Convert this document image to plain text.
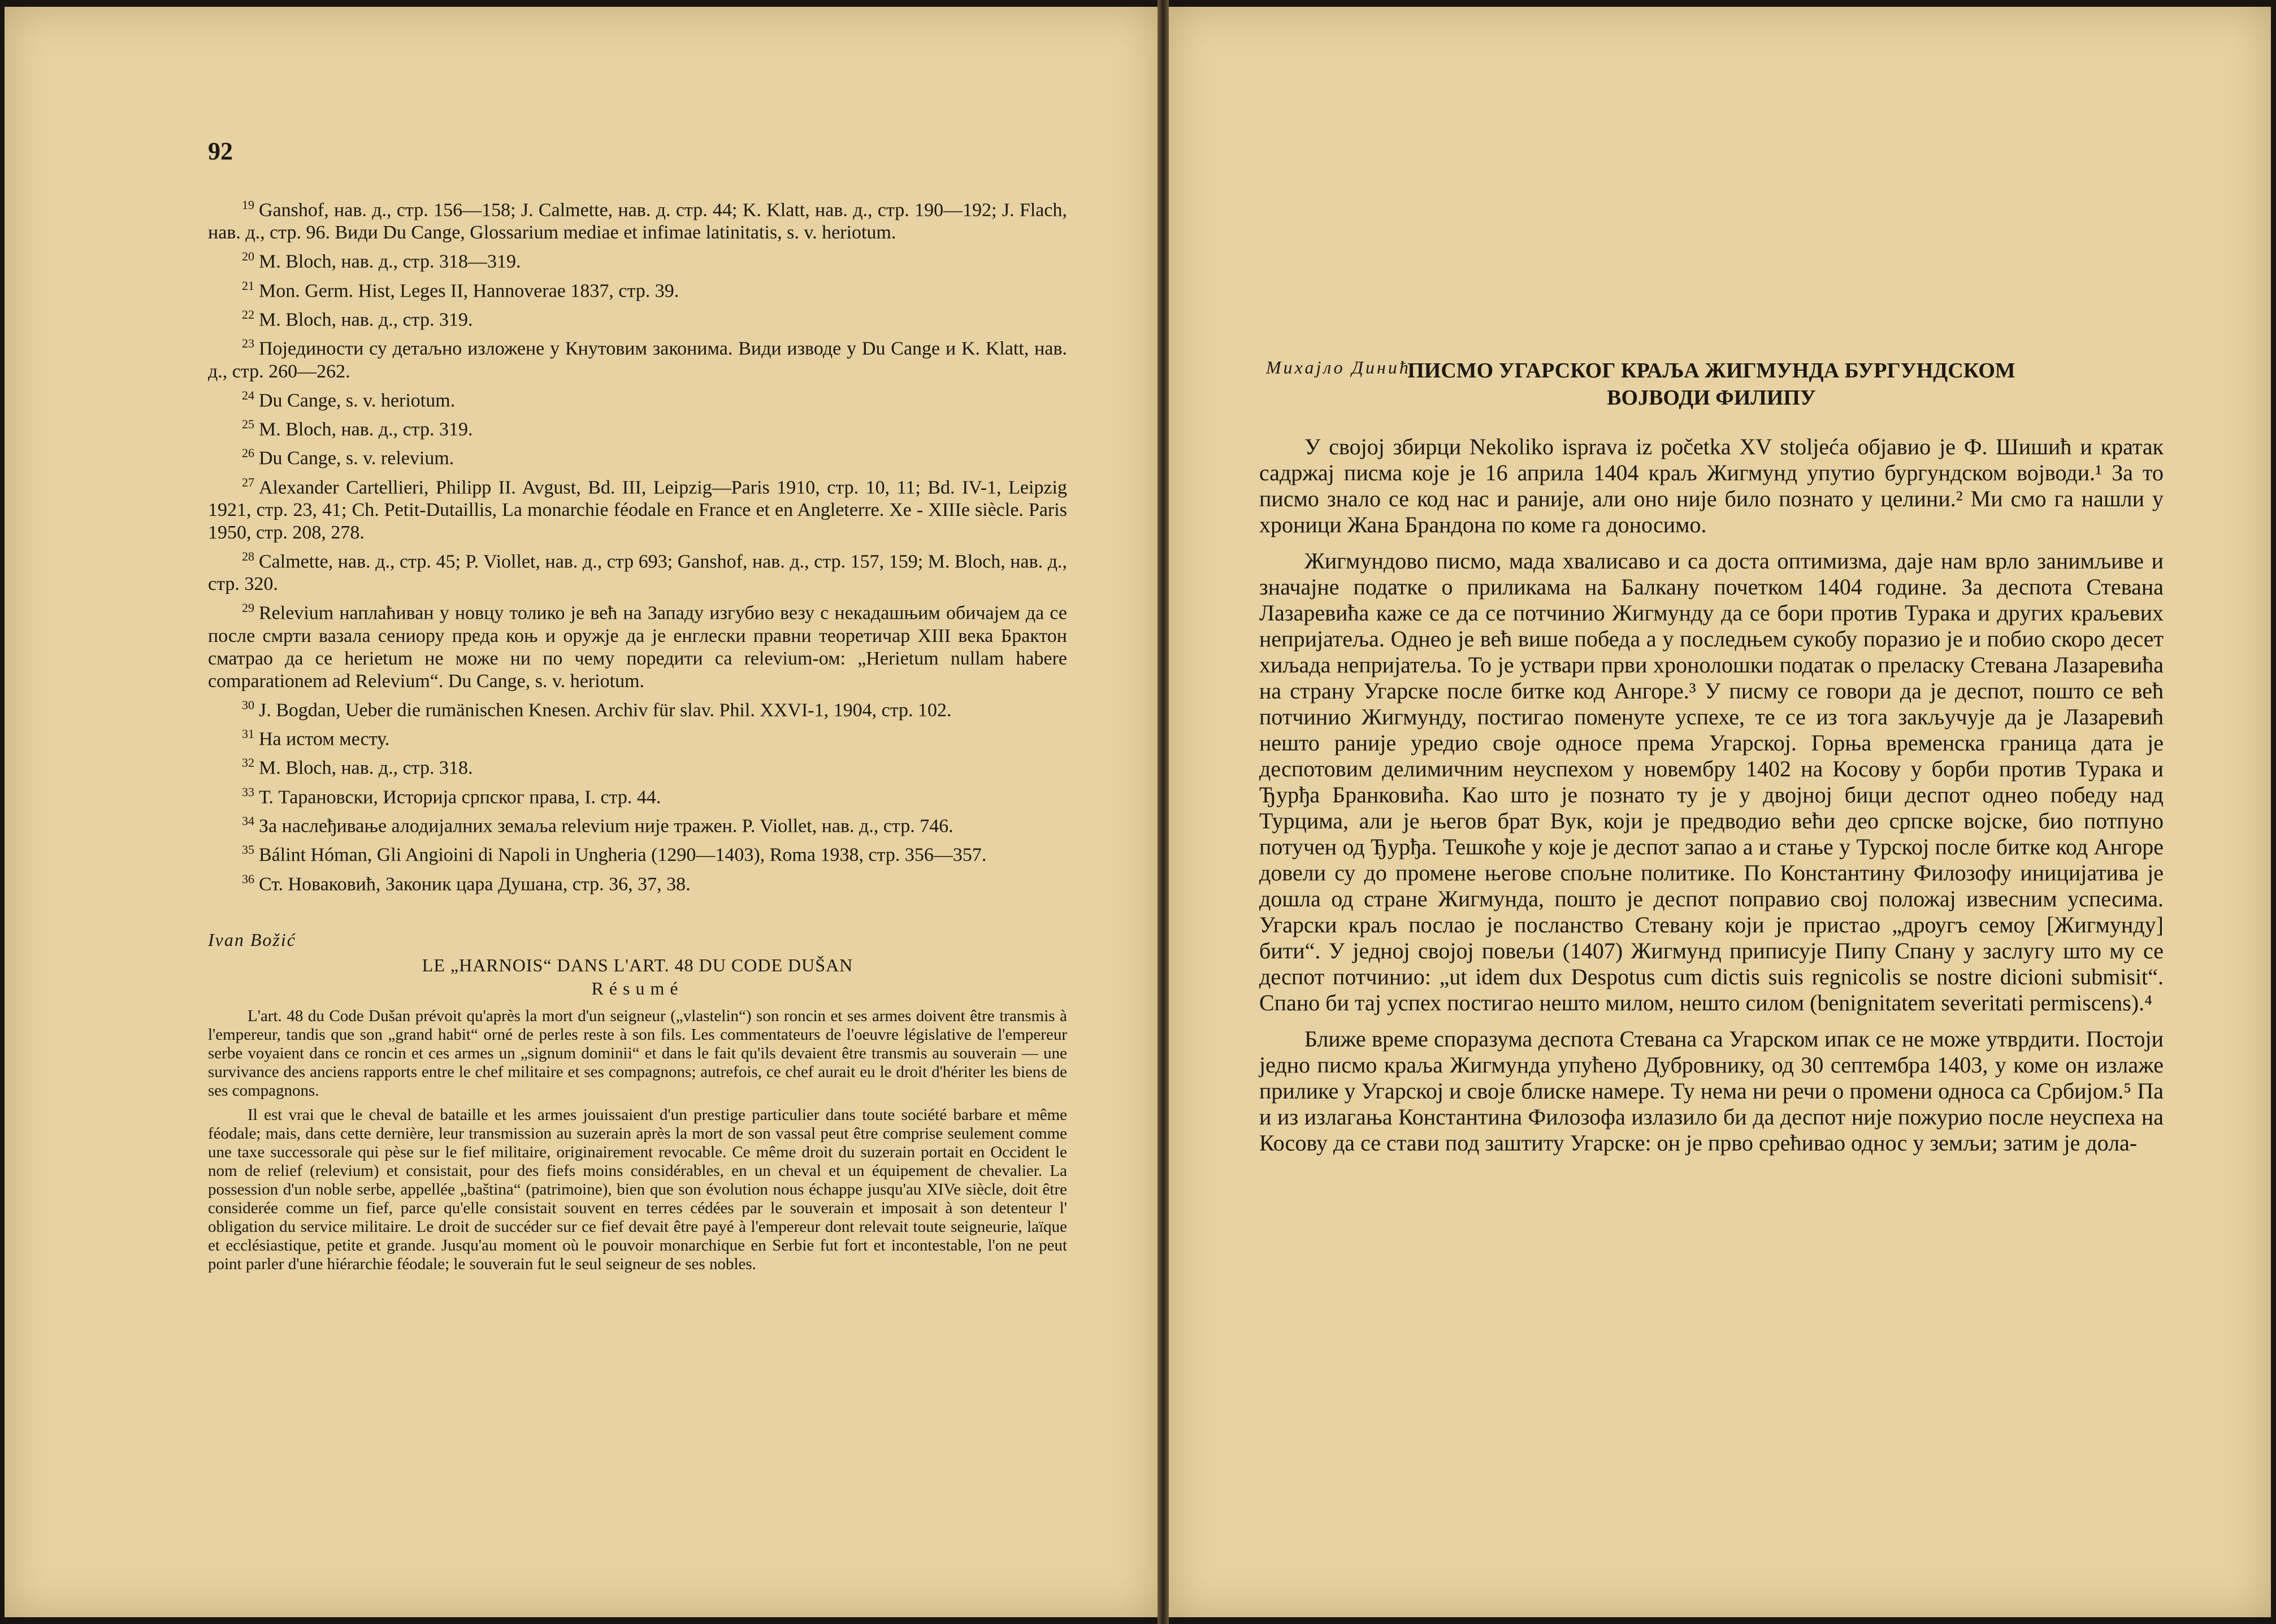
92

$^{19}$ Ganshof, нав. д., стр. 156—158; J. Calmette, нав. д. стр. 44; K. Klatt, нав. д., стр. 190—192; J. Flach, нав. д., стр. 96. Види Du Cange, Glossarium mediae et infimae latinitatis, s. v. heriotum.

$^{20}$ M. Bloch, нав. д., стр. 318—319.

$^{21}$ Mon. Germ. Hist, Leges II, Hannoverae 1837, стр. 39.

$^{22}$ M. Bloch, нав. д., стр. 319.

$^{23}$ Појединости су детаљно изложене у Кнутовим законима. Види изводе у Du Cange и K. Klatt, нав. д., стр. 260—262.

$^{24}$ Du Cange, s. v. heriotum.

$^{25}$ M. Bloch, нав. д., стр. 319.

$^{26}$ Du Cange, s. v. relevium.

$^{27}$ Alexander Cartellieri, Philipp II. Avgust, Bd. III, Leipzig—Paris 1910, стр. 10, 11; Bd. IV-1, Leipzig 1921, стр. 23, 41; Ch. Petit-Dutaillis, La monarchie féodale en France et en Angleterre. Xe - XIIIe siècle. Paris 1950, стр. 208, 278.

$^{28}$ Calmette, нав. д., стр. 45; P. Viollet, нав. д., стр 693; Ganshof, нав. д., стр. 157, 159; M. Bloch, нав. д., стр. 320.

$^{29}$ Relevium наплаћиван у новцу толико је већ на Западу изгубио везу с некадашњим обичајем да се после смрти вазала сениору преда коњ и оружје да је енглески правни теоретичар XIII века Брактон сматрао да се herietum не може ни по чему поредити са relevium-ом: „Herietum nullam habere comparationem ad Relevium“. Du Cange, s. v. heriotum.

$^{30}$ J. Bogdan, Ueber die rumänischen Knesen. Archiv für slav. Phil. XXVI-1, 1904, стр. 102.

$^{31}$ На истом месту.

$^{32}$ M. Bloch, нав. д., стр. 318.

$^{33}$ Т. Тарановски, Историја српског права, I. стр. 44.

$^{34}$ За наслеђивање алодијалних земаља relevium није тражен. P. Viollet, нав. д., стр. 746.

$^{35}$ Bálint Hóman, Gli Angioini di Napoli in Ungheria (1290—1403), Roma 1938, стр. 356—357.

$^{36}$ Ст. Новаковић, Законик цара Душана, стр. 36, 37, 38.

Ivan Božić
LE „HARNOIS“ DANS L'ART. 48 DU CODE DUŠAN
Résumé

L'art. 48 du Code Dušan prévoit qu'après la mort d'un seigneur („vlastelin“) son roncin et ses armes doivent être transmis à l'empereur, tandis que son „grand habit“ orné de perles reste à son fils. Les commentateurs de l'oeuvre législative de l'empereur serbe voyaient dans ce roncin et ces armes un „signum dominii“ et dans le fait qu'ils devaient être transmis au souverain — une survivance des anciens rapports entre le chef militaire et ses compagnons; autrefois, ce chef aurait eu le droit d'hériter les biens de ses compagnons.

Il est vrai que le cheval de bataille et les armes jouissaient d'un prestige particulier dans toute société barbare et même féodale; mais, dans cette dernière, leur transmission au suzerain après la mort de son vassal peut être comprise seulement comme une taxe successorale qui pèse sur le fief militaire, originairement revocable. Ce même droit du suzerain portait en Occident le nom de relief (relevium) et consistait, pour des fiefs moins considérables, en un cheval et un équipement de chevalier. La possession d'un noble serbe, appellée „baština“ (patrimoine), bien que son évolution nous échappe jusqu'au XIVe siècle, doit être considerée comme un fief, parce qu'elle consistait souvent en terres cédées par le souverain et imposait à son detenteur l' obligation du service militaire. Le droit de succéder sur ce fief devait être payé à l'empereur dont relevait toute seigneurie, laïque et ecclésiastique, petite et grande. Jusqu'au moment où le pouvoir monarchique en Serbie fut fort et incontestable, l'on ne peut point parler d'une hiérarchie féodale; le souverain fut le seul seigneur de ses nobles.

ПИСМО УГАРСКОГ КРАЉА ЖИГМУНДА БУРГУНДСКОМ
ВОЈВОДИ ФИЛИПУ

У својој збирци Nekoliko isprava iz početka XV stoljeća објавио је Ф. Шишић и кратак садржај писма које је 16 априла 1404 краљ Жигмунд упутио бургундском војводи.¹ За то писмо знало се код нас и раније, али оно није било познато у целини.² Ми смо га нашли у хроници Жана Брандона по коме га доносимо.

Жигмундово писмо, мада хвалисаво и са доста оптимизма, даје нам врло занимљиве и значајне податке о приликама на Балкану почетком 1404 године. За деспота Стевана Лазаревића каже се да се потчинио Жигмунду да се бори против Турака и других краљевих непријатеља. Однео је већ више победа а у последњем сукобу поразио је и побио скоро десет хиљада непријатеља. То је уствари први хронолошки податак о преласку Стевана Лазаревића на страну Угарске после битке код Ангоре.³ У писму се говори да је деспот, пошто се већ потчинио Жигмунду, постигао поменуте успехе, те се из тога закључује да је Лазаревић нешто раније уредио своје односе према Угарској. Горња временска граница дата је деспотовим делимичним неуспехом у новембру 1402 на Косову у борби против Турака и Ђурђа Бранковића. Као што је познато ту је у двојној бици деспот однео победу над Турцима, али је његов брат Вук, који је предводио већи део српске војске, био потпуно потучен од Ђурђа. Тешкоће у које је деспот запао а и стање у Турској после битке код Ангоре довели су до промене његове спољне политике. По Константину Филозофу иницијатива је дошла од стране Жигмунда, пошто је деспот поправио свој положај извесним успесима. Угарски краљ послао је посланство Стевану који је пристао „дроугъ семоу [Жигмунду] бити“. У једној својој повељи (1407) Жигмунд приписује Пипу Спану у заслугу што му се деспот потчинио: „ut idem dux Despotus cum dictis suis regnicolis se nostre dicioni submisit“. Спано би тај успех постигао нешто милом, нешто силом (benignitatem severitati permiscens).⁴

Ближе време споразума деспота Стевана са Угарском ипак се не може утврдити. Постоји једно писмо краља Жигмунда упућено Дубровнику, од 30 септембра 1403, у коме он излаже прилике у Угарској и своје блиске намере. Ту нема ни речи о промени односа са Србијом.⁵ Па и из излагања Константина Филозофа излазило би да деспот није пожурио после неуспеха на Косову да се стави под заштиту Угарске: он је прво срећивао однос у земљи; затим је дола-

Михајло Динић
